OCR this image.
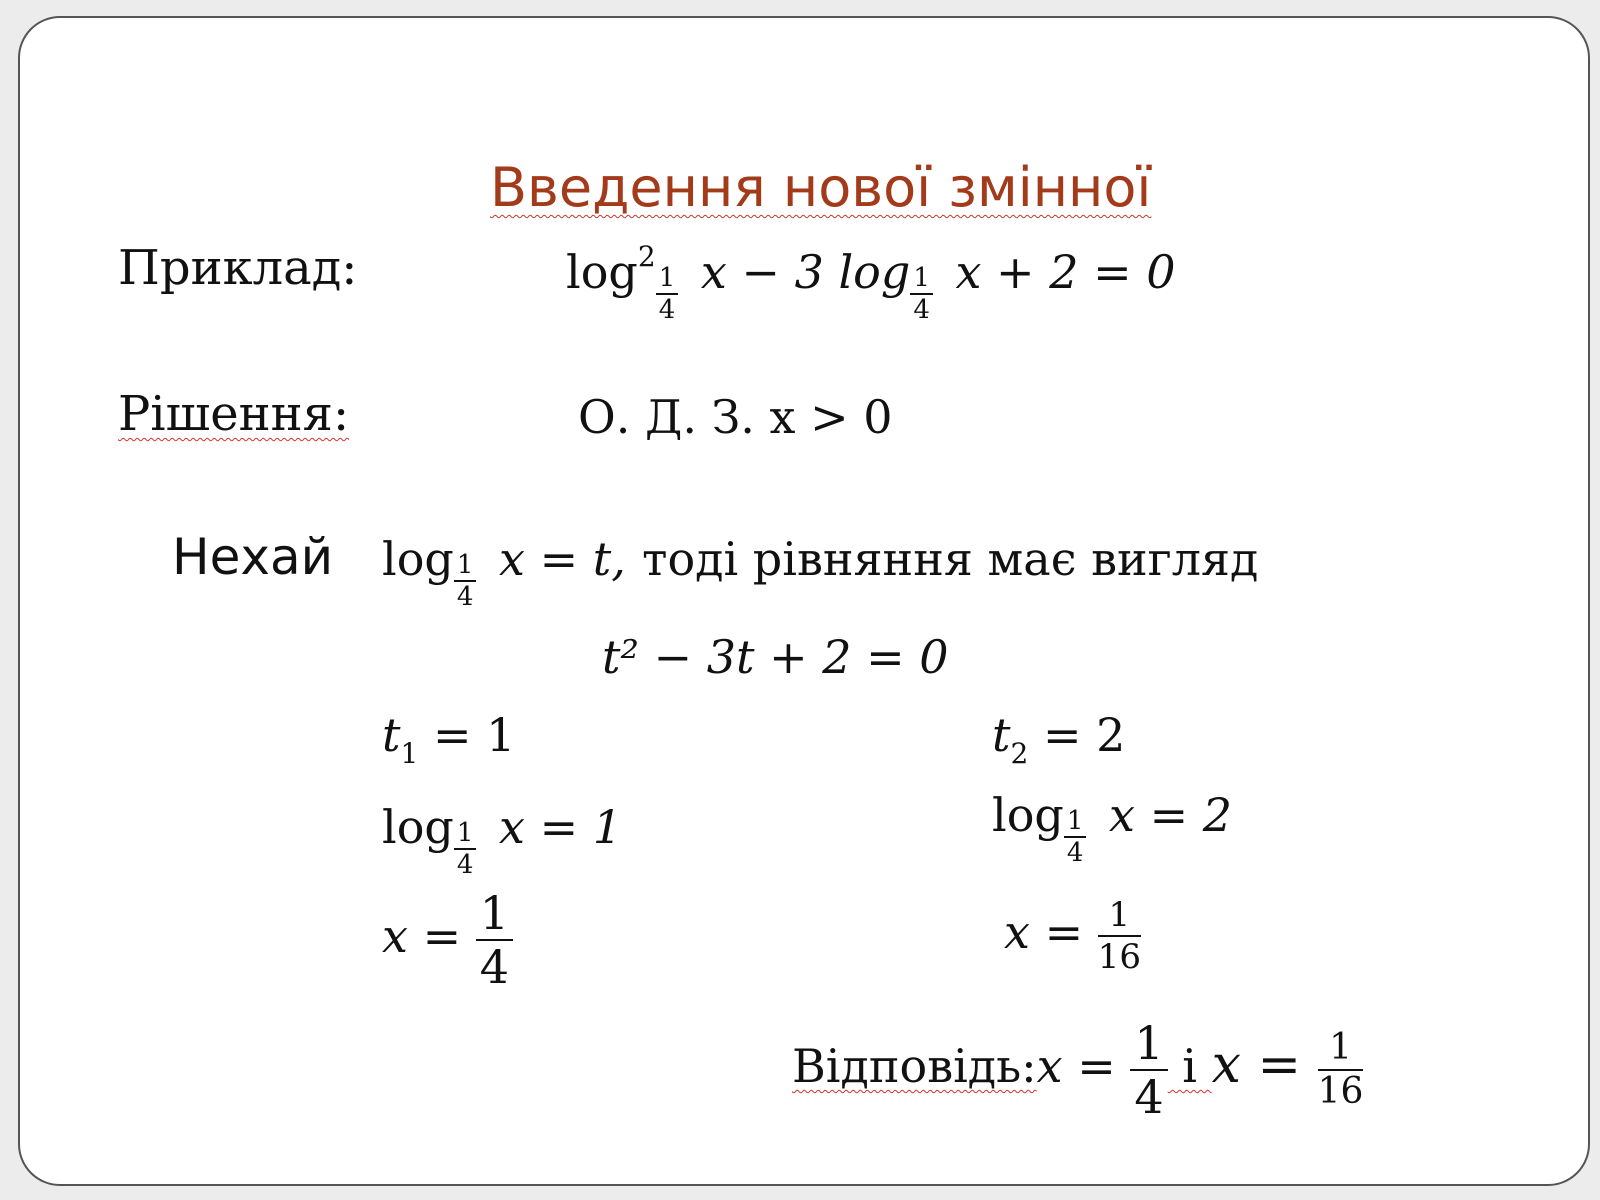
Введення нової змінної
Приклад:	$\log^2$
$\frac{1}{4}$ x − 3 $\log \frac{1}{4}$ x + 2 = 0
Рішення:	О. Д. З. x > 0
Нехай $\log \frac{1}{4}$ x = t, тоді рівняння має вигляд
t² − 3t + 2 = 0
$t_1 = 1$
$\log \frac{1}{4}$ x = 1
$x = \frac{1}{4}$
$t_2 = 2$
$\log \frac{1}{4}$ x = 2
$x = \frac{1}{16}$
Відповідь:x = $\frac{1}{4}$ і $x = \frac{1}{16}$
